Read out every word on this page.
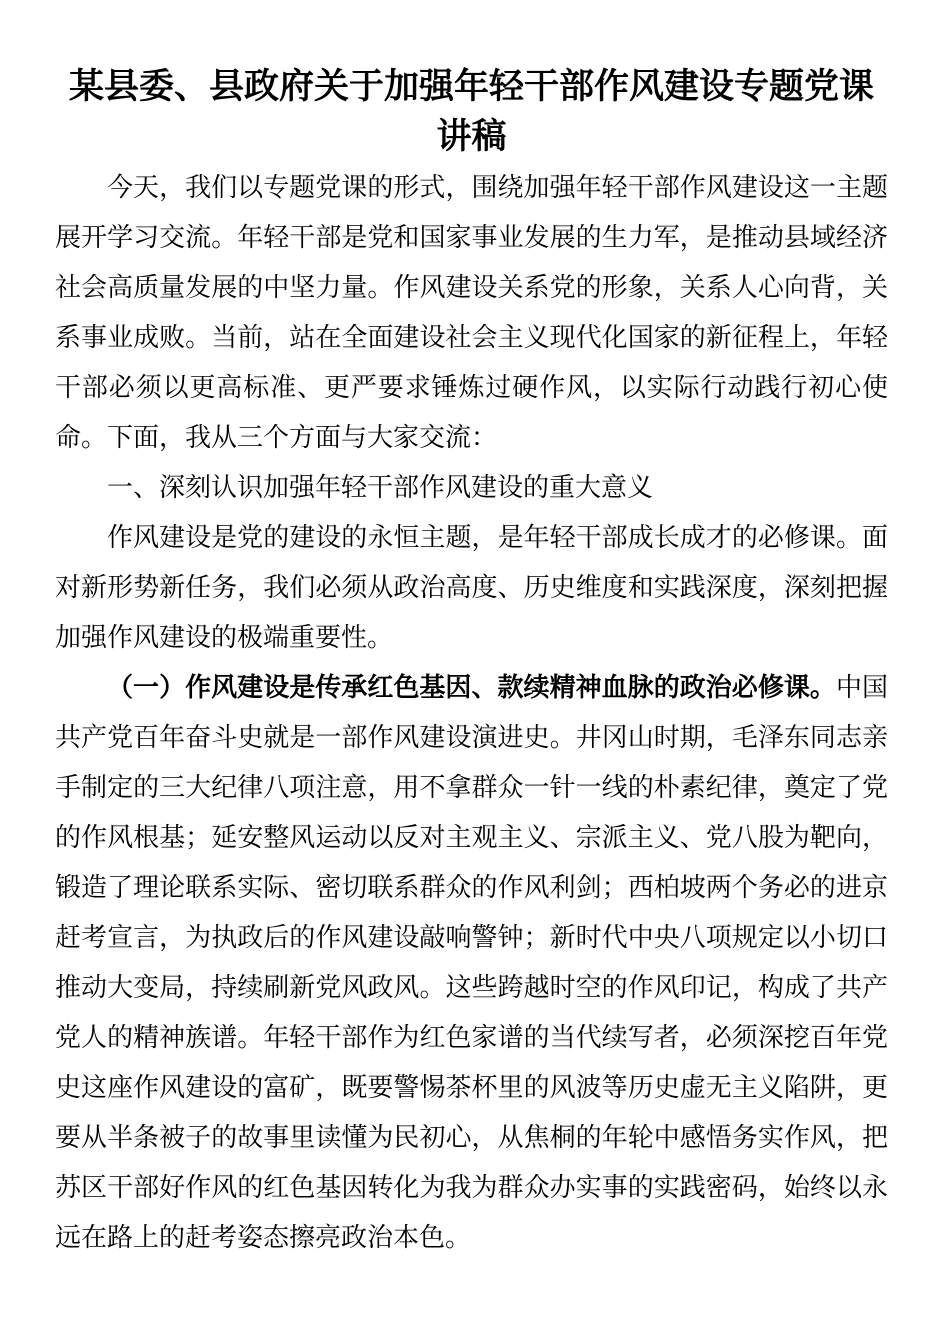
某县委、县政府关于加强年轻干部作风建设专题党课讲稿

今天，我们以专题党课的形式，围绕加强年轻干部作风建设这一主题展开学习交流。年轻干部是党和国家事业发展的生力军，是推动县域经济社会高质量发展的中坚力量。作风建设关系党的形象，关系人心向背，关系事业成败。当前，站在全面建设社会主义现代化国家的新征程上，年轻干部必须以更高标准、更严要求锤炼过硬作风，以实际行动践行初心使命。下面，我从三个方面与大家交流：

一、深刻认识加强年轻干部作风建设的重大意义

作风建设是党的建设的永恒主题，是年轻干部成长成才的必修课。面对新形势新任务，我们必须从政治高度、历史维度和实践深度，深刻把握加强作风建设的极端重要性。

（一）作风建设是传承红色基因、款续精神血脉的政治必修课。中国共产党百年奋斗史就是一部作风建设演进史。井冈山时期，毛泽东同志亲手制定的三大纪律八项注意，用不拿群众一针一线的朴素纪律，奠定了党的作风根基；延安整风运动以反对主观主义、宗派主义、党八股为靶向，锻造了理论联系实际、密切联系群众的作风利剑；西柏坡两个务必的进京赶考宣言，为执政后的作风建设敲响警钟；新时代中央八项规定以小切口推动大变局，持续刷新党风政风。这些跨越时空的作风印记，构成了共产党人的精神族谱。年轻干部作为红色家谱的当代续写者，必须深挖百年党史这座作风建设的富矿，既要警惕茶杯里的风波等历史虚无主义陷阱，更要从半条被子的故事里读懂为民初心，从焦桐的年轮中感悟务实作风，把苏区干部好作风的红色基因转化为我为群众办实事的实践密码，始终以永远在路上的赶考姿态擦亮政治本色。
